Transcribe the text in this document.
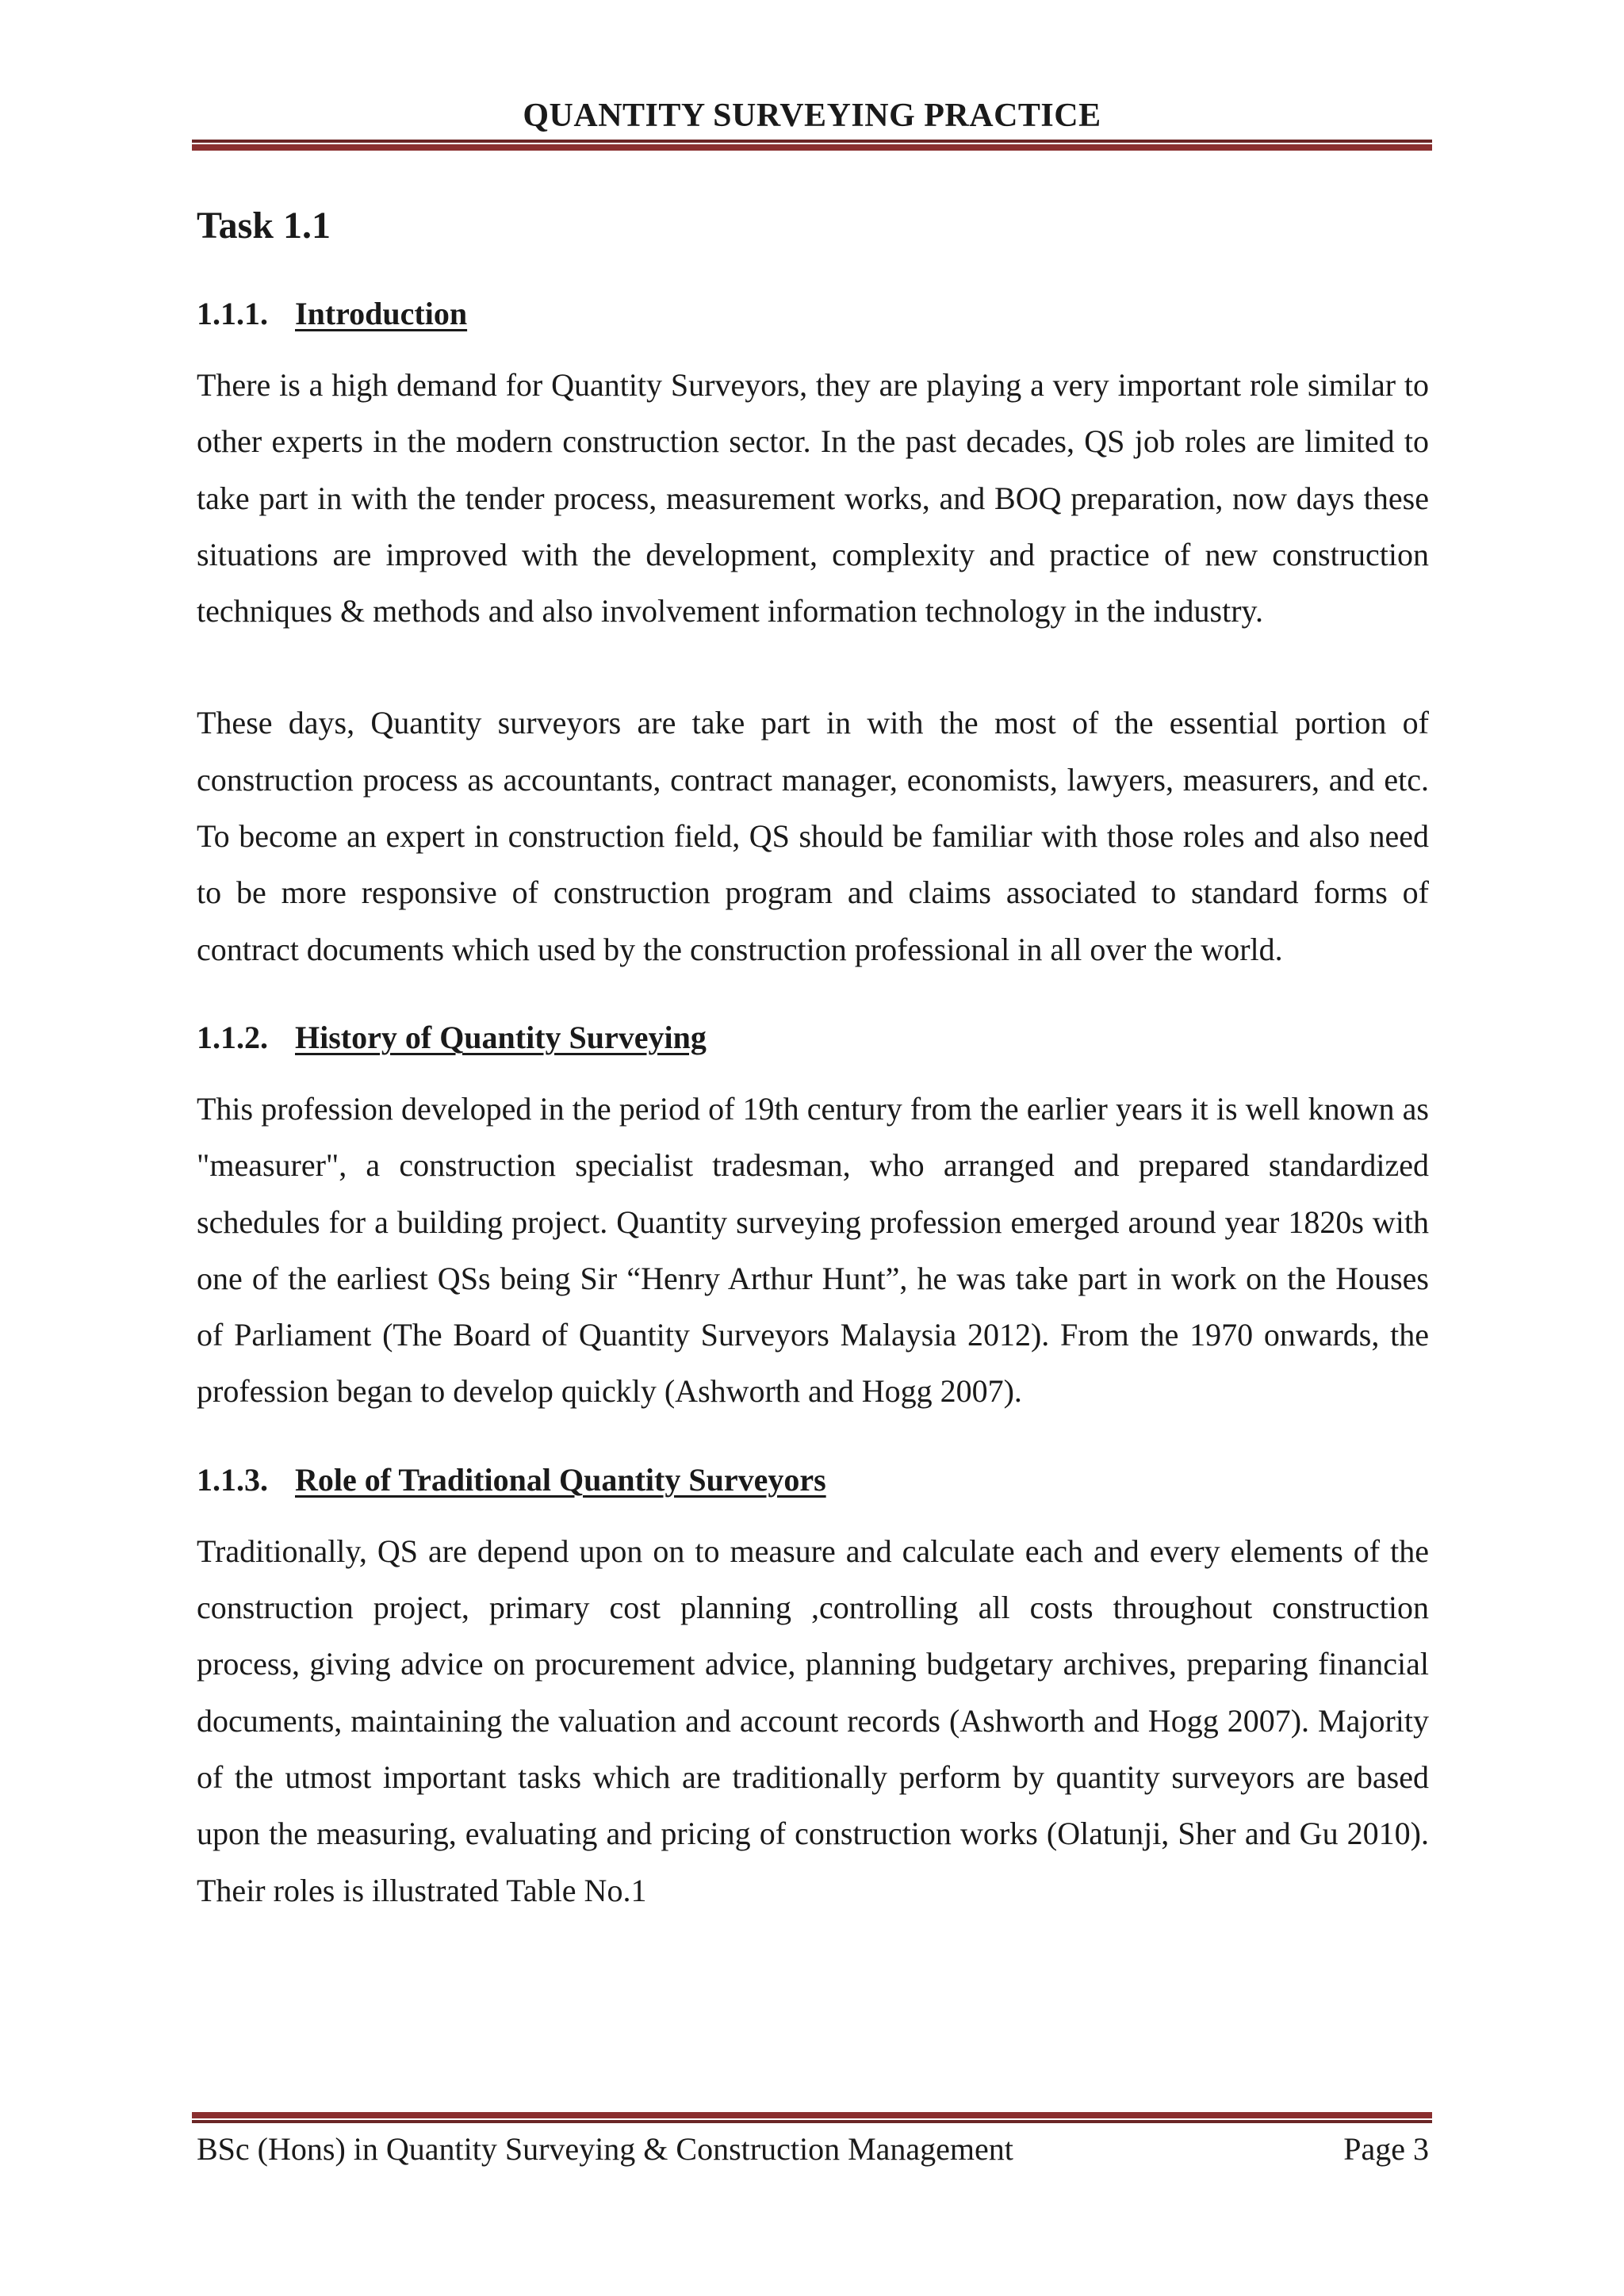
QUANTITY SURVEYING PRACTICE
Task 1.1
1.1.1. Introduction

There is a high demand for Quantity Surveyors, they are playing a very important role similar to other experts in the modern construction sector. In the past decades, QS job roles are limited to take part in with the tender process, measurement works, and BOQ preparation, now days these situations are improved with the development, complexity and practice of new construction techniques & methods and also involvement information technology in the industry.

These days, Quantity surveyors are take part in with the most of the essential portion of construction process as accountants, contract manager, economists, lawyers, measurers, and etc. To become an expert in construction field, QS should be familiar with those roles and also need to be more responsive of construction program and claims associated to standard forms of contract documents which used by the construction professional in all over the world.

1.1.2. History of Quantity Surveying

This profession developed in the period of 19th century from the earlier years it is well known as "measurer", a construction specialist tradesman, who arranged and prepared standardized schedules for a building project. Quantity surveying profession emerged around year 1820s with one of the earliest QSs being Sir “Henry Arthur Hunt”, he was take part in work on the Houses of Parliament (The Board of Quantity Surveyors Malaysia 2012). From the 1970 onwards, the profession began to develop quickly (Ashworth and Hogg 2007).

1.1.3. Role of Traditional Quantity Surveyors

Traditionally, QS are depend upon on to measure and calculate each and every elements of the construction project, primary cost planning ,controlling all costs throughout construction process, giving advice on procurement advice, planning budgetary archives, preparing financial documents, maintaining the valuation and account records (Ashworth and Hogg 2007). Majority of the utmost important tasks which are traditionally perform by quantity surveyors are based upon the measuring, evaluating and pricing of construction works (Olatunji, Sher and Gu 2010). Their roles is illustrated Table No.1

BSc (Hons) in Quantity Surveying & Construction Management	Page 3
